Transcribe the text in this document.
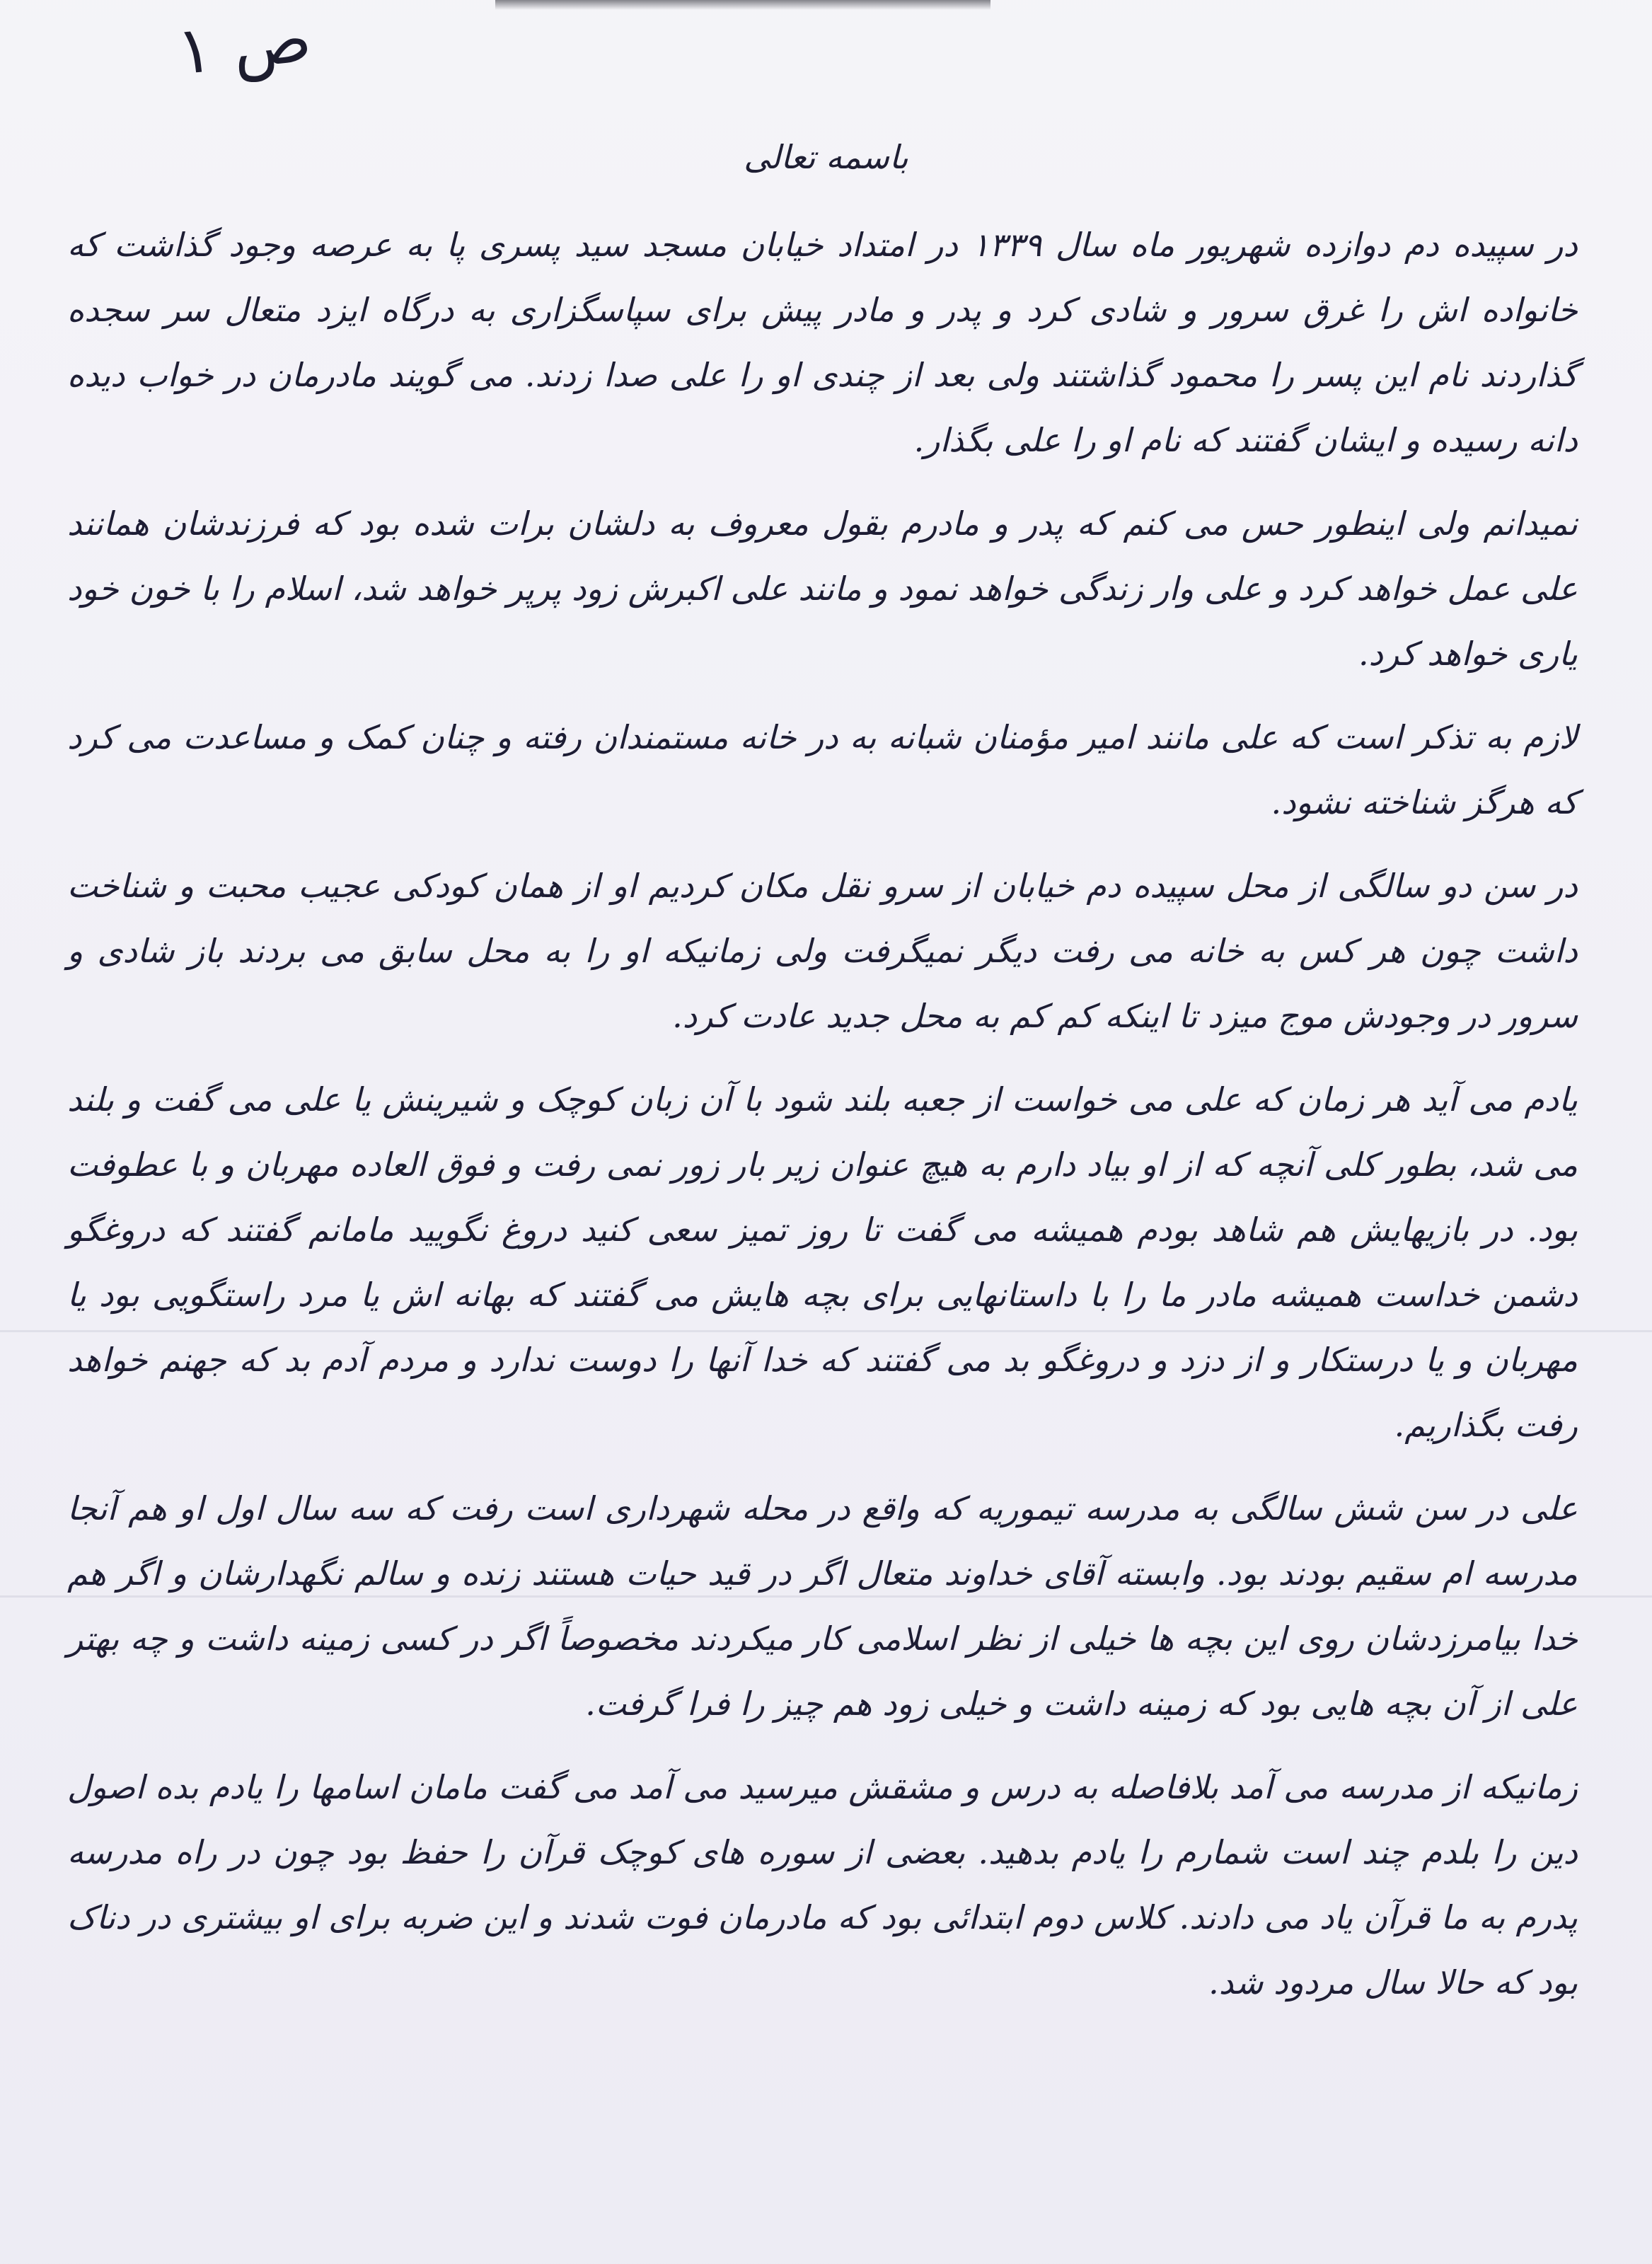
ص ۱
باسمه تعالی

در سپیده دم دوازده شهریور ماه سال ۱۳۳۹ در امتداد خیابان مسجد سید پسری پا به عرصه وجود گذاشت که خانواده اش را غرق سرور و شادی کرد و پدر و مادر پیش برای سپاسگزاری به درگاه ایزد متعال سر سجده گذاردند نام این پسر را محمود گذاشتند ولی بعد از چندی او را علی صدا زدند. می گویند مادرمان در خواب دیده دانه رسیده و ایشان گفتند که نام او را علی بگذار.

نمیدانم ولی اینطور حس می کنم که پدر و مادرم بقول معروف به دلشان برات شده بود که فرزندشان همانند علی عمل خواهد کرد و علی وار زندگی خواهد نمود و مانند علی اکبرش زود پرپر خواهد شد، اسلام را با خون خود یاری خواهد کرد.

لازم به تذکر است که علی مانند امیر مؤمنان شبانه به در خانه مستمندان رفته و چنان کمک و مساعدت می کرد که هرگز شناخته نشود.

در سن دو سالگی از محل سپیده دم خیابان از سرو نقل مکان کردیم او از همان کودکی عجیب محبت و شناخت داشت چون هر کس به خانه می رفت دیگر نمیگرفت ولی زمانیکه او را به محل سابق می بردند باز شادی و سرور در وجودش موج میزد تا اینکه کم کم به محل جدید عادت کرد.

یادم می آید هر زمان که علی می خواست از جعبه بلند شود با آن زبان کوچک و شیرینش یا علی می گفت و بلند می شد، بطور کلی آنچه که از او بیاد دارم به هیچ عنوان زیر بار زور نمی رفت و فوق العاده مهربان و با عطوفت بود. در بازیهایش هم شاهد بودم همیشه می گفت تا روز تمیز سعی کنید دروغ نگویید مامانم گفتند که دروغگو دشمن خداست همیشه مادر ما را با داستانهایی برای بچه هایش می گفتند که بهانه اش یا مرد راستگویی بود یا مهربان و یا درستکار و از دزد و دروغگو بد می گفتند که خدا آنها را دوست ندارد و مردم آدم بد که جهنم خواهد رفت بگذاریم.

علی در سن شش سالگی به مدرسه تیموریه که واقع در محله شهرداری است رفت که سه سال اول او هم آنجا مدرسه ام سقیم بودند بود. وابسته آقای خداوند متعال اگر در قید حیات هستند زنده و سالم نگهدارشان و اگر هم خدا بیامرزدشان روی این بچه ها خیلی از نظر اسلامی کار میکردند مخصوصاً اگر در کسی زمینه داشت و چه بهتر علی از آن بچه هایی بود که زمینه داشت و خیلی زود هم چیز را فرا گرفت.

زمانیکه از مدرسه می آمد بلافاصله به درس و مشقش میرسید می آمد می گفت مامان اسامها را یادم بده اصول دین را بلدم چند است شمارم را یادم بدهید. بعضی از سوره های کوچک قرآن را حفظ بود چون در راه مدرسه پدرم به ما قرآن یاد می دادند. کلاس دوم ابتدائی بود که مادرمان فوت شدند و این ضربه برای او بیشتری در دناک بود که حالا سال مردود شد.
